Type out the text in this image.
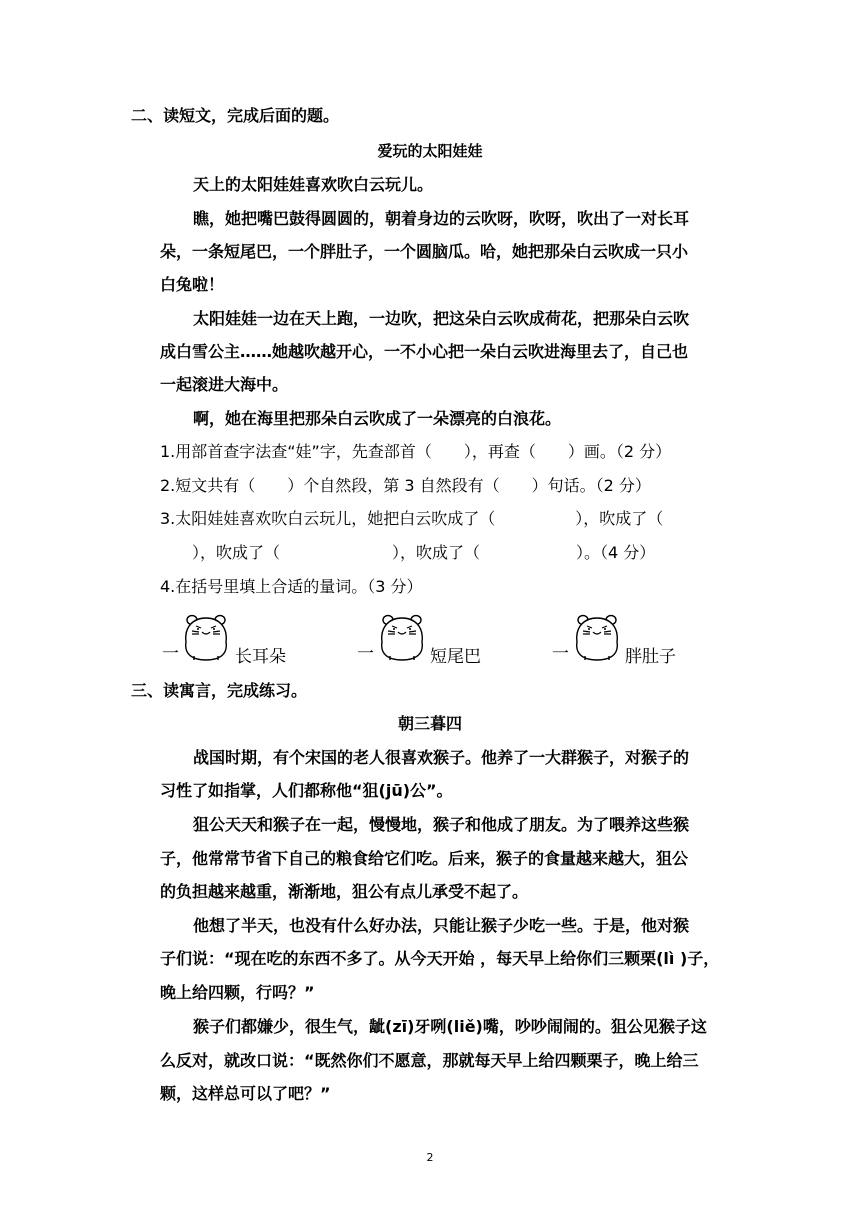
二、读短文，完成后面的题。
爱玩的太阳娃娃
天上的太阳娃娃喜欢吹白云玩儿。
瞧，她把嘴巴鼓得圆圆的，朝着身边的云吹呀，吹呀，吹出了一对长耳
朵，一条短尾巴，一个胖肚子，一个圆脑瓜。哈，她把那朵白云吹成一只小
白兔啦！
太阳娃娃一边在天上跑，一边吹，把这朵白云吹成荷花，把那朵白云吹
成白雪公主……她越吹越开心，一不小心把一朵白云吹进海里去了，自己也
一起滚进大海中。
啊，她在海里把那朵白云吹成了一朵漂亮的白浪花。
1.用部首查字法查“娃”字，先查部首（　　），再查（　　）画。（2 分）
2.短文共有（　　）个自然段，第 3 自然段有（　　）句话。（2 分）
3.太阳娃娃喜欢吹白云玩儿，她把白云吹成了（　　　　　），吹成了（
　　），吹成了（　　　　　　　），吹成了（　　　　　　）。（4 分）
4.在括号里填上合适的量词。（3 分）
一	长耳朵	一	短尾巴	一	胖肚子
三、读寓言，完成练习。
朝三暮四
战国时期，有个宋国的老人很喜欢猴子。他养了一大群猴子，对猴子的
习性了如指掌，人们都称他“狙(jū)公”。
狙公天天和猴子在一起，慢慢地，猴子和他成了朋友。为了喂养这些猴
子，他常常节省下自己的粮食给它们吃。后来，猴子的食量越来越大，狙公
的负担越来越重，渐渐地，狙公有点儿承受不起了。
他想了半天，也没有什么好办法，只能让猴子少吃一些。于是，他对猴
子们说：“现在吃的东西不多了。从今天开始 ，每天早上给你们三颗栗(lì )子，
晚上给四颗，行吗？”
猴子们都嫌少，很生气，龇(zī)牙咧(liě)嘴，吵吵闹闹的。狙公见猴子这
么反对，就改口说：“既然你们不愿意，那就每天早上给四颗栗子，晚上给三
颗，这样总可以了吧？”
2
